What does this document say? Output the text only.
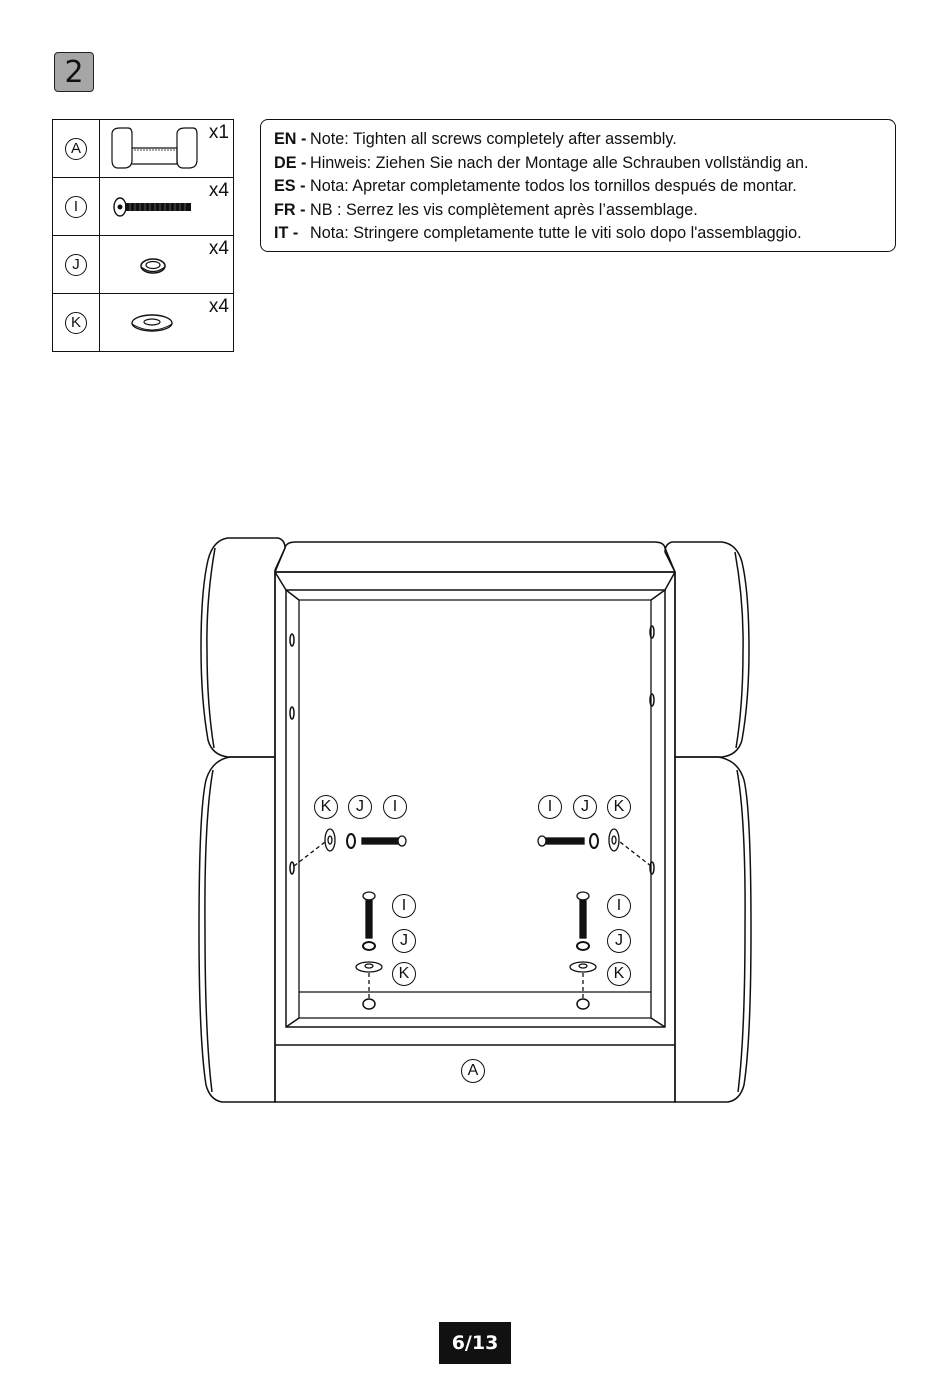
2
A	x1

I	x4

J	x4

K	x4
EN - Note: Tighten all screws completely after assembly.
DE - Hinweis: Ziehen Sie nach der Montage alle Schrauben vollständig an.
ES - Nota: Apretar completamente todos los tornillos después de montar.
FR - NB : Serrez les vis complètement après l’assemblage.
IT - Nota: Stringere completamente tutte le viti solo dopo l'assemblaggio.
K	J	I	I	J	K
I
J
K
I
J
K
A
6/13
